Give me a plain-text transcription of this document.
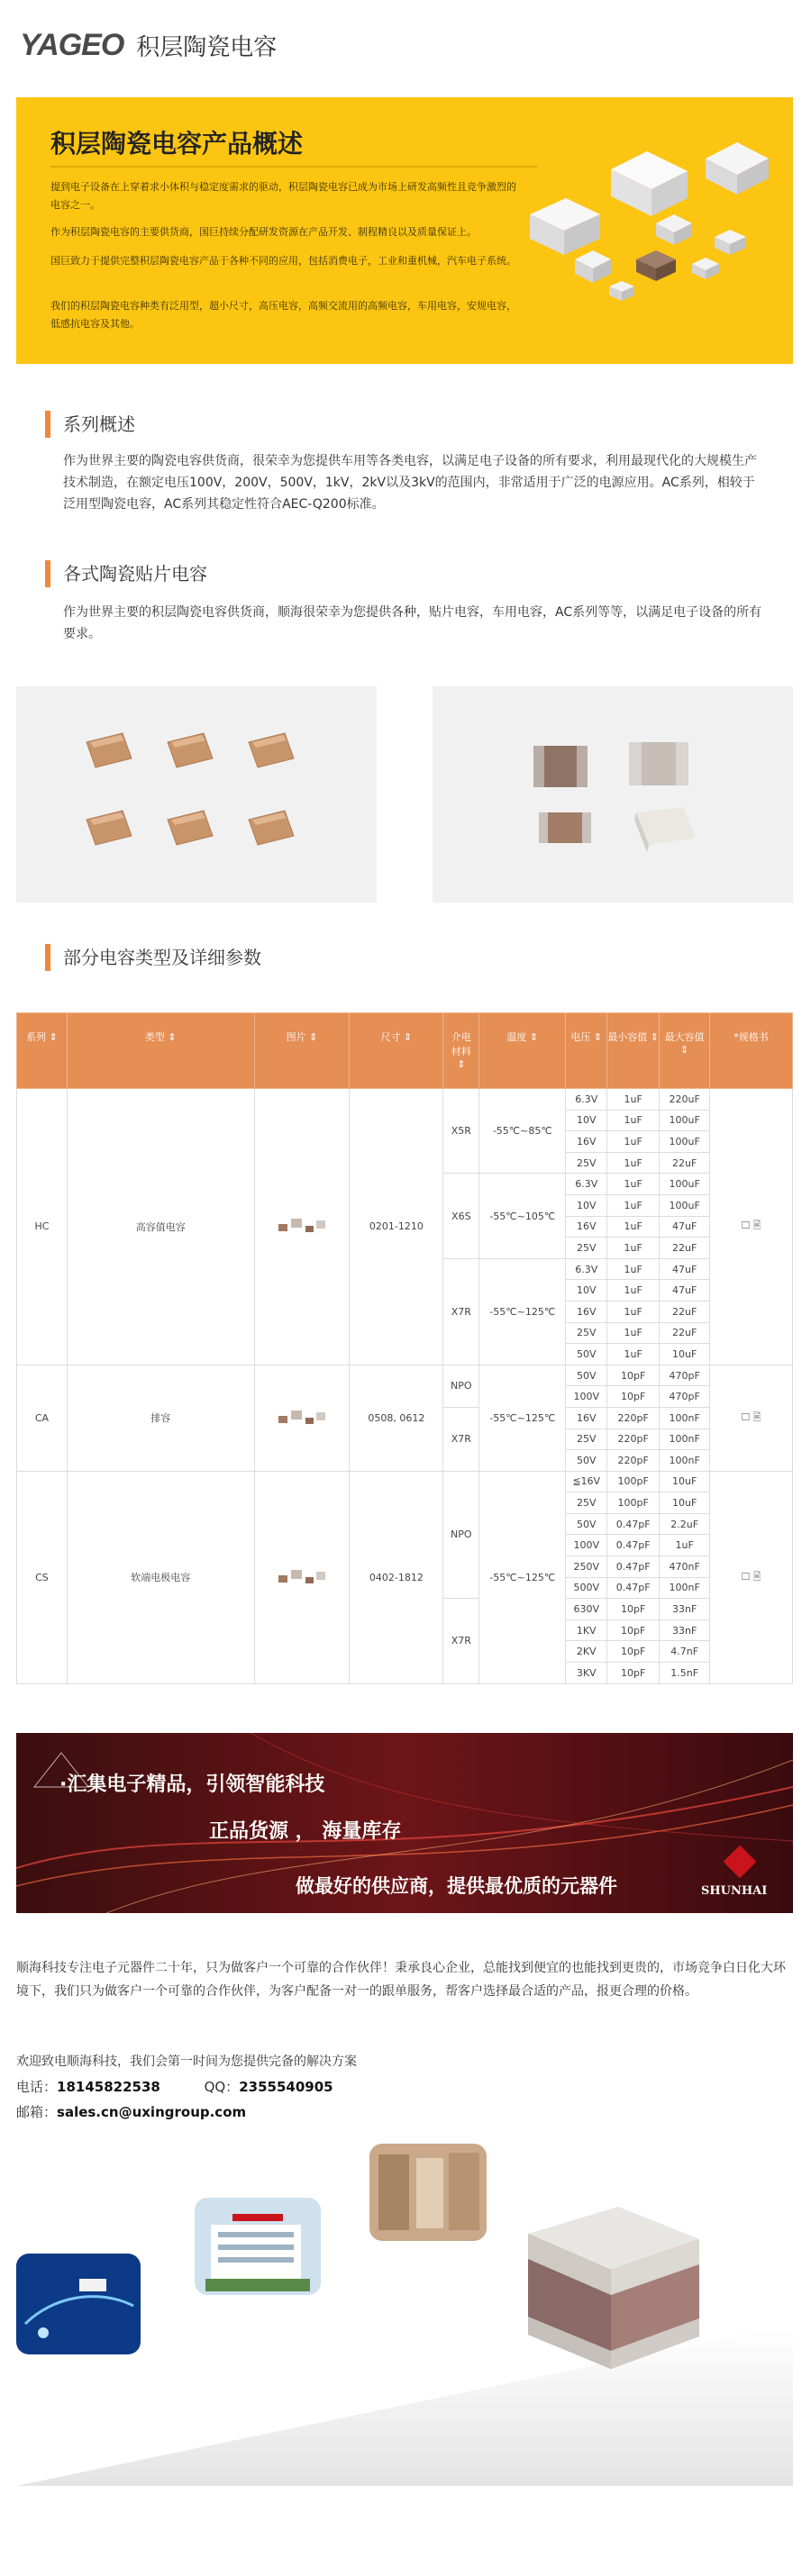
YAGEO 积层陶瓷电容
积层陶瓷电容产品概述

提到电子设备在上穿着求小体积与稳定度需求的驱动，积层陶瓷电容已成为市场上研发高频性且竞争激烈的电容之一。

作为积层陶瓷电容的主要供货商，国巨持续分配研发资源在产品开发、制程精良以及质量保证上。

国巨致力于提供完整积层陶瓷电容产品于各种不同的应用，包括消费电子，工业和重机械，汽车电子系统。

我们的积层陶瓷电容种类有泛用型，超小尺寸，高压电容，高频交流用的高频电容，车用电容，安规电容，低感抗电容及其他。

系列概述
作为世界主要的陶瓷电容供货商，很荣幸为您提供车用等各类电容，以满足电子设备的所有要求，利用最现代化的大规模生产技术制造，在额定电压100V，200V，500V，1kV，2kV以及3kV的范围内，非常适用于广泛的电源应用。AC系列，相较于泛用型陶瓷电容，AC系列其稳定性符合AEC-Q200标准。
各式陶瓷贴片电容
作为世界主要的积层陶瓷电容供货商，顺海很荣幸为您提供各种，贴片电容，车用电容，AC系列等等，以满足电子设备的所有要求。
部分电容类型及详细参数
系列 ⇕	类型 ⇕	图片 ⇕	尺寸 ⇕	介电材料 ⇕	温度 ⇕	电压 ⇕	最小容值 ⇕	最大容值 ⇕	*规格书
HC	高容值电容		0201-1210	X5R	-55℃~85℃	6.3V	1uF	220uF	☐ 🖹
						10V	1uF	100uF	
						16V	1uF	100uF	
						25V	1uF	22uF	
				X6S	-55℃~105℃	6.3V	1uF	100uF	
						10V	1uF	100uF	
						16V	1uF	47uF	
						25V	1uF	22uF	
				X7R	-55℃~125℃	6.3V	1uF	47uF	
						10V	1uF	47uF	
						16V	1uF	22uF	
						25V	1uF	22uF	
						50V	1uF	10uF	
CA	排容		0508, 0612	NPO	-55℃~125℃	50V	10pF	470pF	☐ 🖹
						100V	10pF	470pF	
				X7R		16V	220pF	100nF	
						25V	220pF	100nF	
						50V	220pF	100nF	
CS	软端电极电容		0402-1812	NPO	-55℃~125℃	≦16V	100pF	10uF	☐ 🖹
						25V	100pF	10uF	
						50V	0.47pF	2.2uF	
						100V	0.47pF	1uF	
						250V	0.47pF	470nF	
						500V	0.47pF	100nF	
				X7R		630V	10pF	33nF	
						1KV	10pF	33nF	
						2KV	10pF	4.7nF	
						3KV	10pF	1.5nF	
·汇集电子精品，引领智能科技
正品货源 ， 海量库存
做最好的供应商，提供最优质的元器件	SHUNHAI
顺海科技专注电子元器件二十年，只为做客户一个可靠的合作伙伴！秉承良心企业，总能找到便宜的也能找到更贵的，市场竞争白日化大环境下，我们只为做客户一个可靠的合作伙伴，为客户配备一对一的跟单服务，帮客户选择最合适的产品，报更合理的价格。
欢迎致电顺海科技，我们会第一时间为您提供完备的解决方案
电话：18145822538	QQ：2355540905
邮箱：sales.cn@uxingroup.com
